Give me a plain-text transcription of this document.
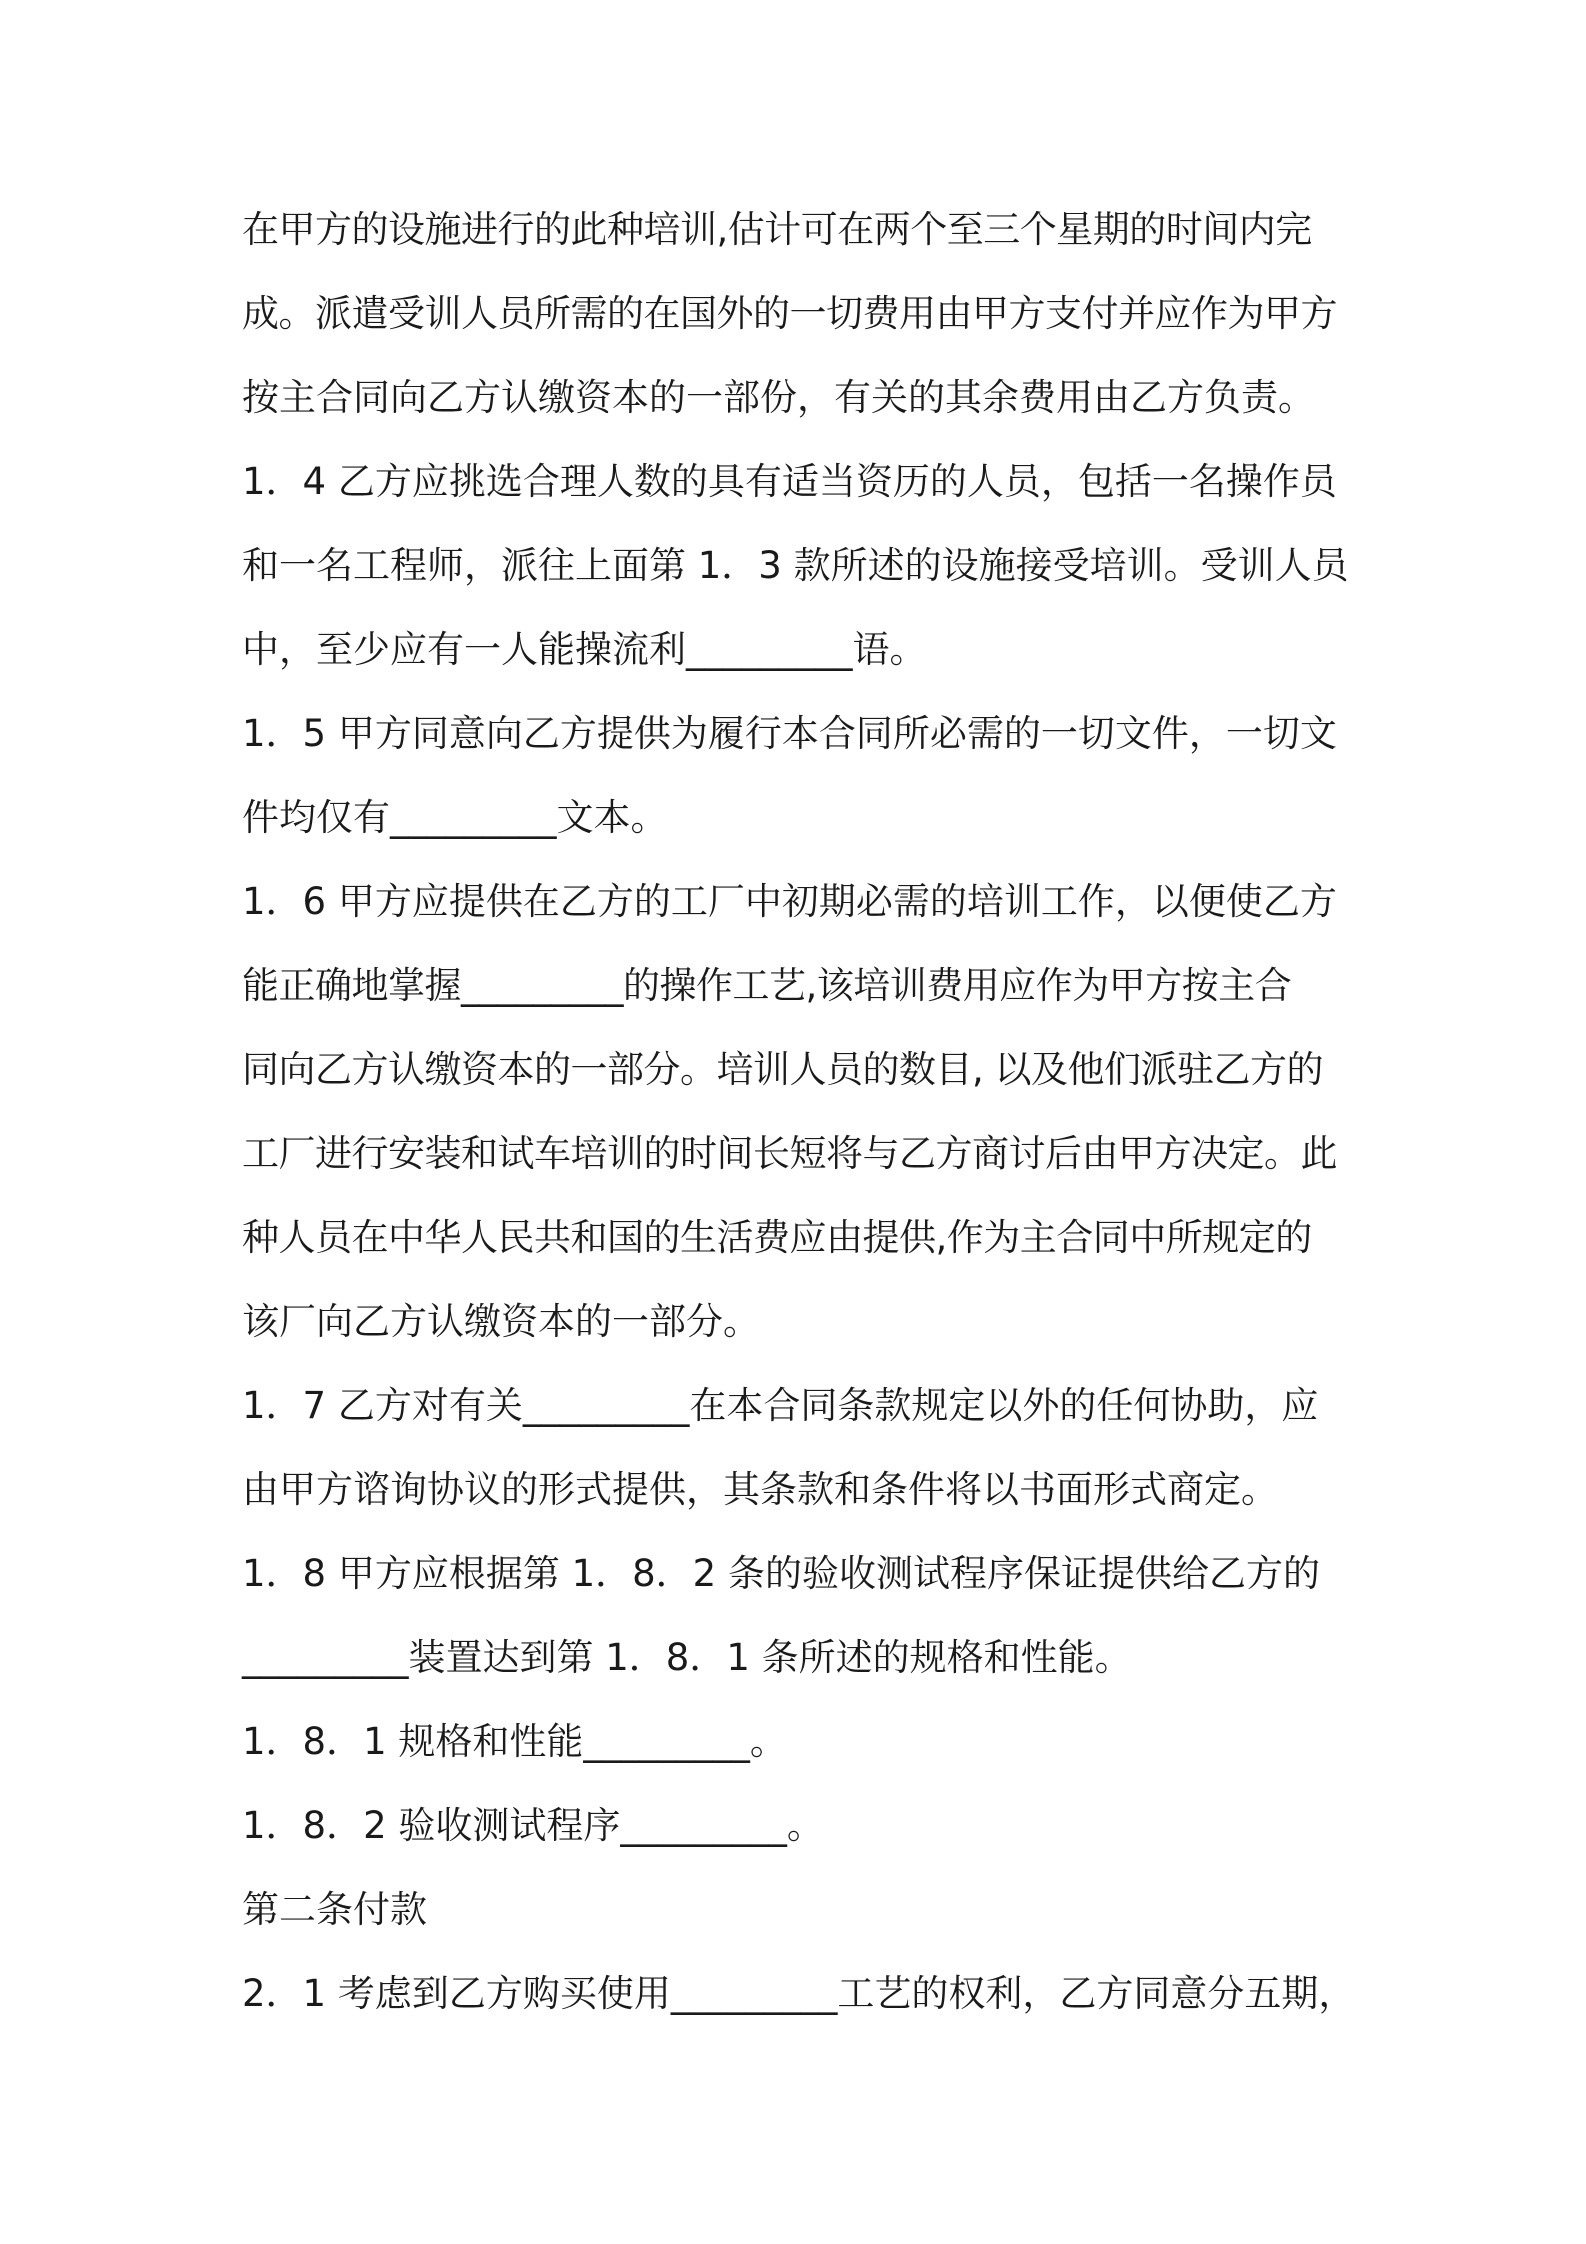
在甲方的设施进行的此种培训,估计可在两个至三个星期的时间内完
成。派遣受训人员所需的在国外的一切费用由甲方支付并应作为甲方
按主合同向乙方认缴资本的一部份，有关的其余费用由乙方负责。
1．4 乙方应挑选合理人数的具有适当资历的人员，包括一名操作员
和一名工程师，派往上面第 1．3 款所述的设施接受培训。受训人员
中，至少应有一人能操流利_________语。
1．5 甲方同意向乙方提供为履行本合同所必需的一切文件，一切文
件均仅有_________文本。
1．6 甲方应提供在乙方的工厂中初期必需的培训工作，以便使乙方
能正确地掌握_________的操作工艺,该培训费用应作为甲方按主合
同向乙方认缴资本的一部分。培训人员的数目, 以及他们派驻乙方的
工厂进行安装和试车培训的时间长短将与乙方商讨后由甲方决定。此
种人员在中华人民共和国的生活费应由提供,作为主合同中所规定的
该厂向乙方认缴资本的一部分。
1．7 乙方对有关_________在本合同条款规定以外的任何协助，应
由甲方谘询协议的形式提供，其条款和条件将以书面形式商定。
1．8 甲方应根据第 1．8．2 条的验收测试程序保证提供给乙方的
_________装置达到第 1．8．1 条所述的规格和性能。
1．8．1 规格和性能_________。
1．8．2 验收测试程序_________。
第二条付款
2．1 考虑到乙方购买使用_________工艺的权利，乙方同意分五期，
